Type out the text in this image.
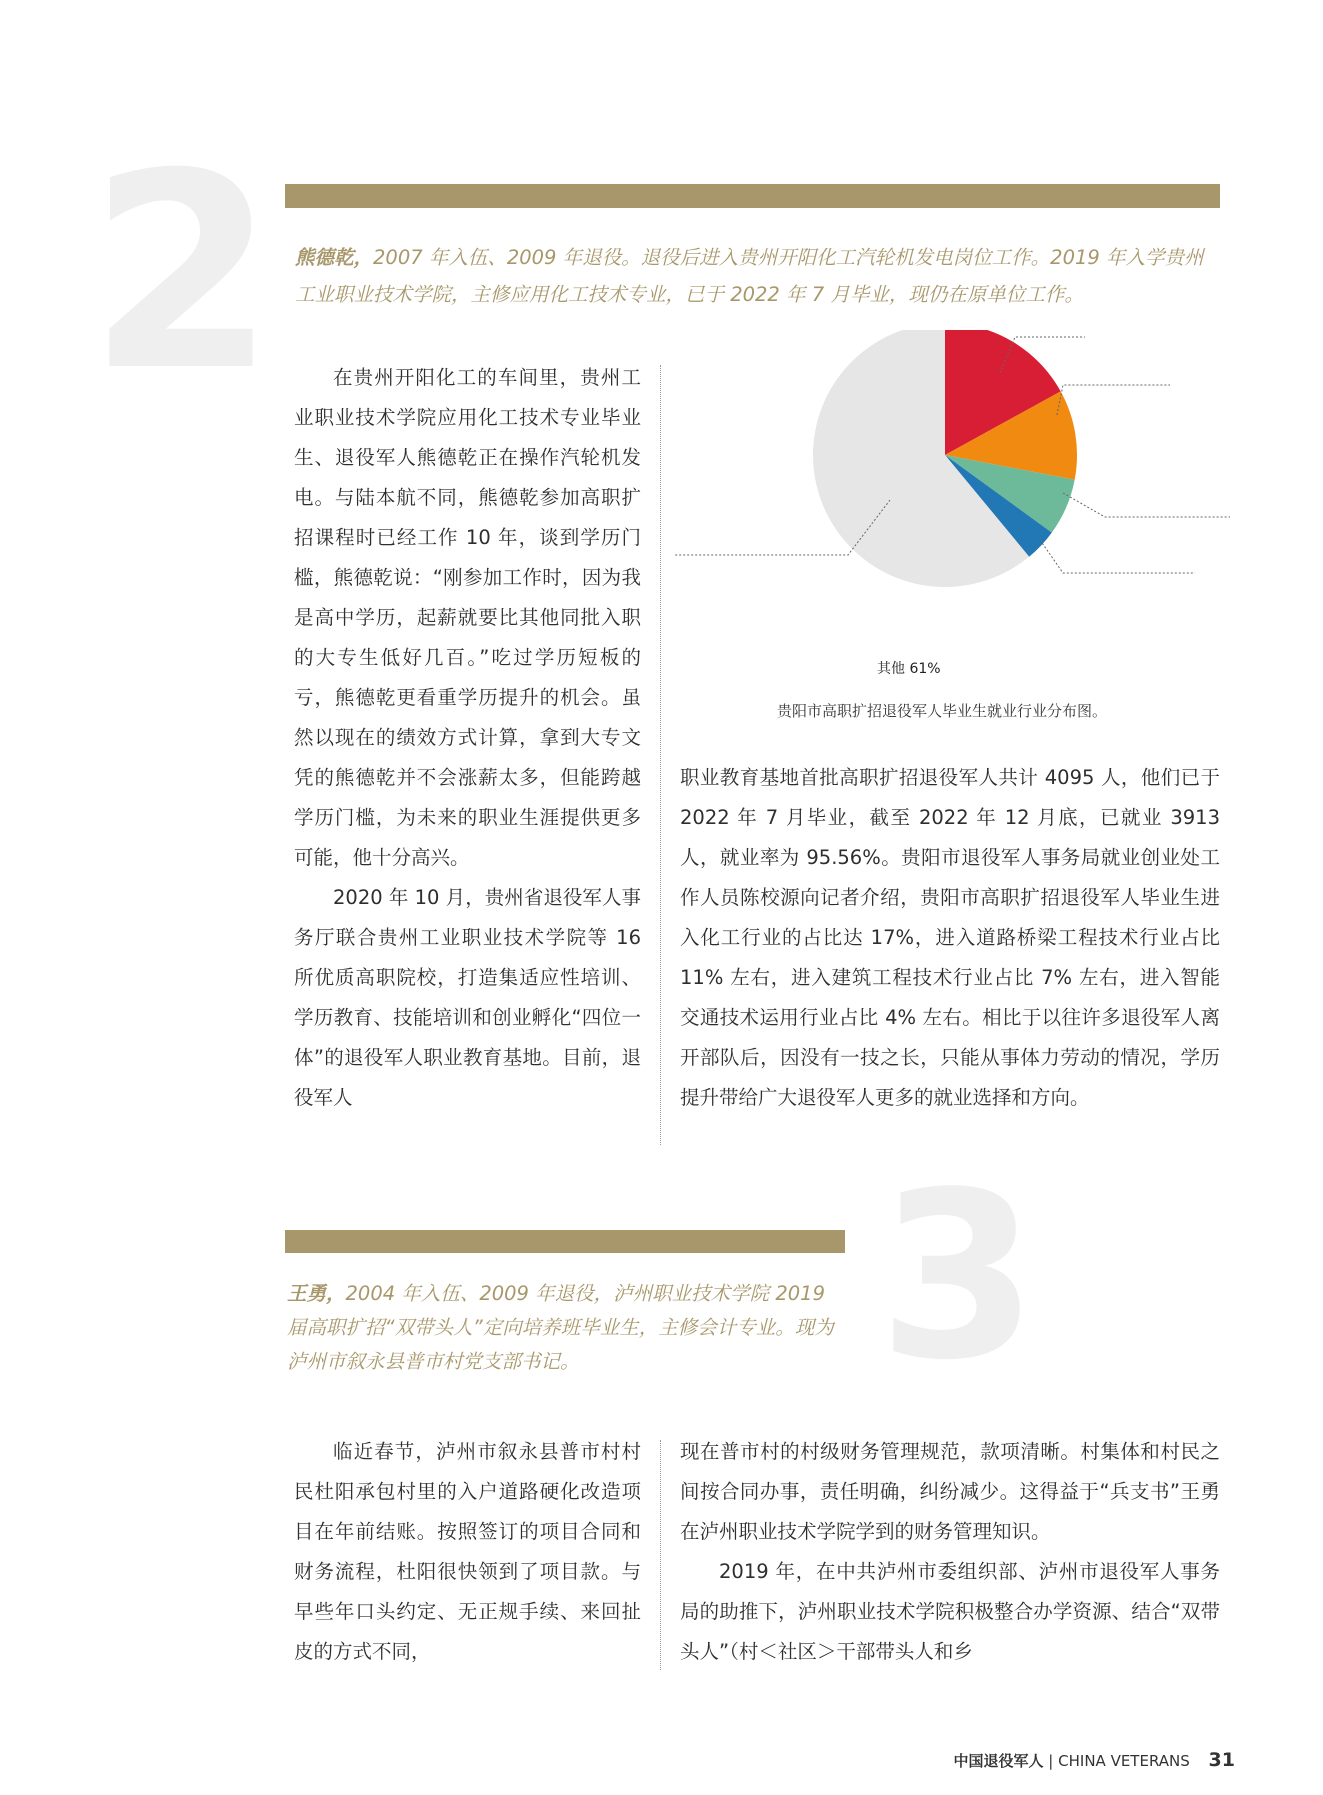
2 熊德乾，2007 年入伍、2009 年退役。退役后进入贵州开阳化工汽轮机发电岗位工作。2019 年入学贵州工业职业技术学院，主修应用化工技术专业，已于 2022 年 7 月毕业，现仍在原单位工作。

在贵州开阳化工的车间里，贵州工业职业技术学院应用化工技术专业毕业生、退役军人熊德乾正在操作汽轮机发电。与陆本航不同，熊德乾参加高职扩招课程时已经工作 10 年，谈到学历门槛，熊德乾说：“刚参加工作时，因为我是高中学历，起薪就要比其他同批入职的大专生低好几百。”吃过学历短板的亏，熊德乾更看重学历提升的机会。虽然以现在的绩效方式计算，拿到大专文凭的熊德乾并不会涨薪太多，但能跨越学历门槛，为未来的职业生涯提供更多可能，他十分高兴。

2020 年 10 月，贵州省退役军人事务厅联合贵州工业职业技术学院等 16 所优质高职院校，打造集适应性培训、学历教育、技能培训和创业孵化“四位一体”的退役军人职业教育基地。目前，退役军人

其他 61%
贵阳市高职扩招退役军人毕业生就业行业分布图。

职业教育基地首批高职扩招退役军人共计 4095 人，他们已于 2022 年 7 月毕业，截至 2022 年 12 月底，已就业 3913 人，就业率为 95.56%。贵阳市退役军人事务局就业创业处工作人员陈校源向记者介绍，贵阳市高职扩招退役军人毕业生进入化工行业的占比达 17%，进入道路桥梁工程技术行业占比 11% 左右，进入建筑工程技术行业占比 7% 左右，进入智能交通技术运用行业占比 4% 左右。相比于以往许多退役军人离开部队后，因没有一技之长，只能从事体力劳动的情况，学历提升带给广大退役军人更多的就业选择和方向。

3
王勇，2004 年入伍、2009 年退役，泸州职业技术学院 2019 届高职扩招“双带头人”定向培养班毕业生，主修会计专业。现为泸州市叙永县普市村党支部书记。

临近春节，泸州市叙永县普市村村民杜阳承包村里的入户道路硬化改造项目在年前结账。按照签订的项目合同和财务流程，杜阳很快领到了项目款。与早些年口头约定、无正规手续、来回扯皮的方式不同，

现在普市村的村级财务管理规范，款项清晰。村集体和村民之间按合同办事，责任明确，纠纷减少。这得益于“兵支书”王勇在泸州职业技术学院学到的财务管理知识。

2019 年，在中共泸州市委组织部、泸州市退役军人事务局的助推下，泸州职业技术学院积极整合办学资源、结合“双带头人”（村＜社区＞干部带头人和乡

中国退役军人 | CHINA VETERANS 31
